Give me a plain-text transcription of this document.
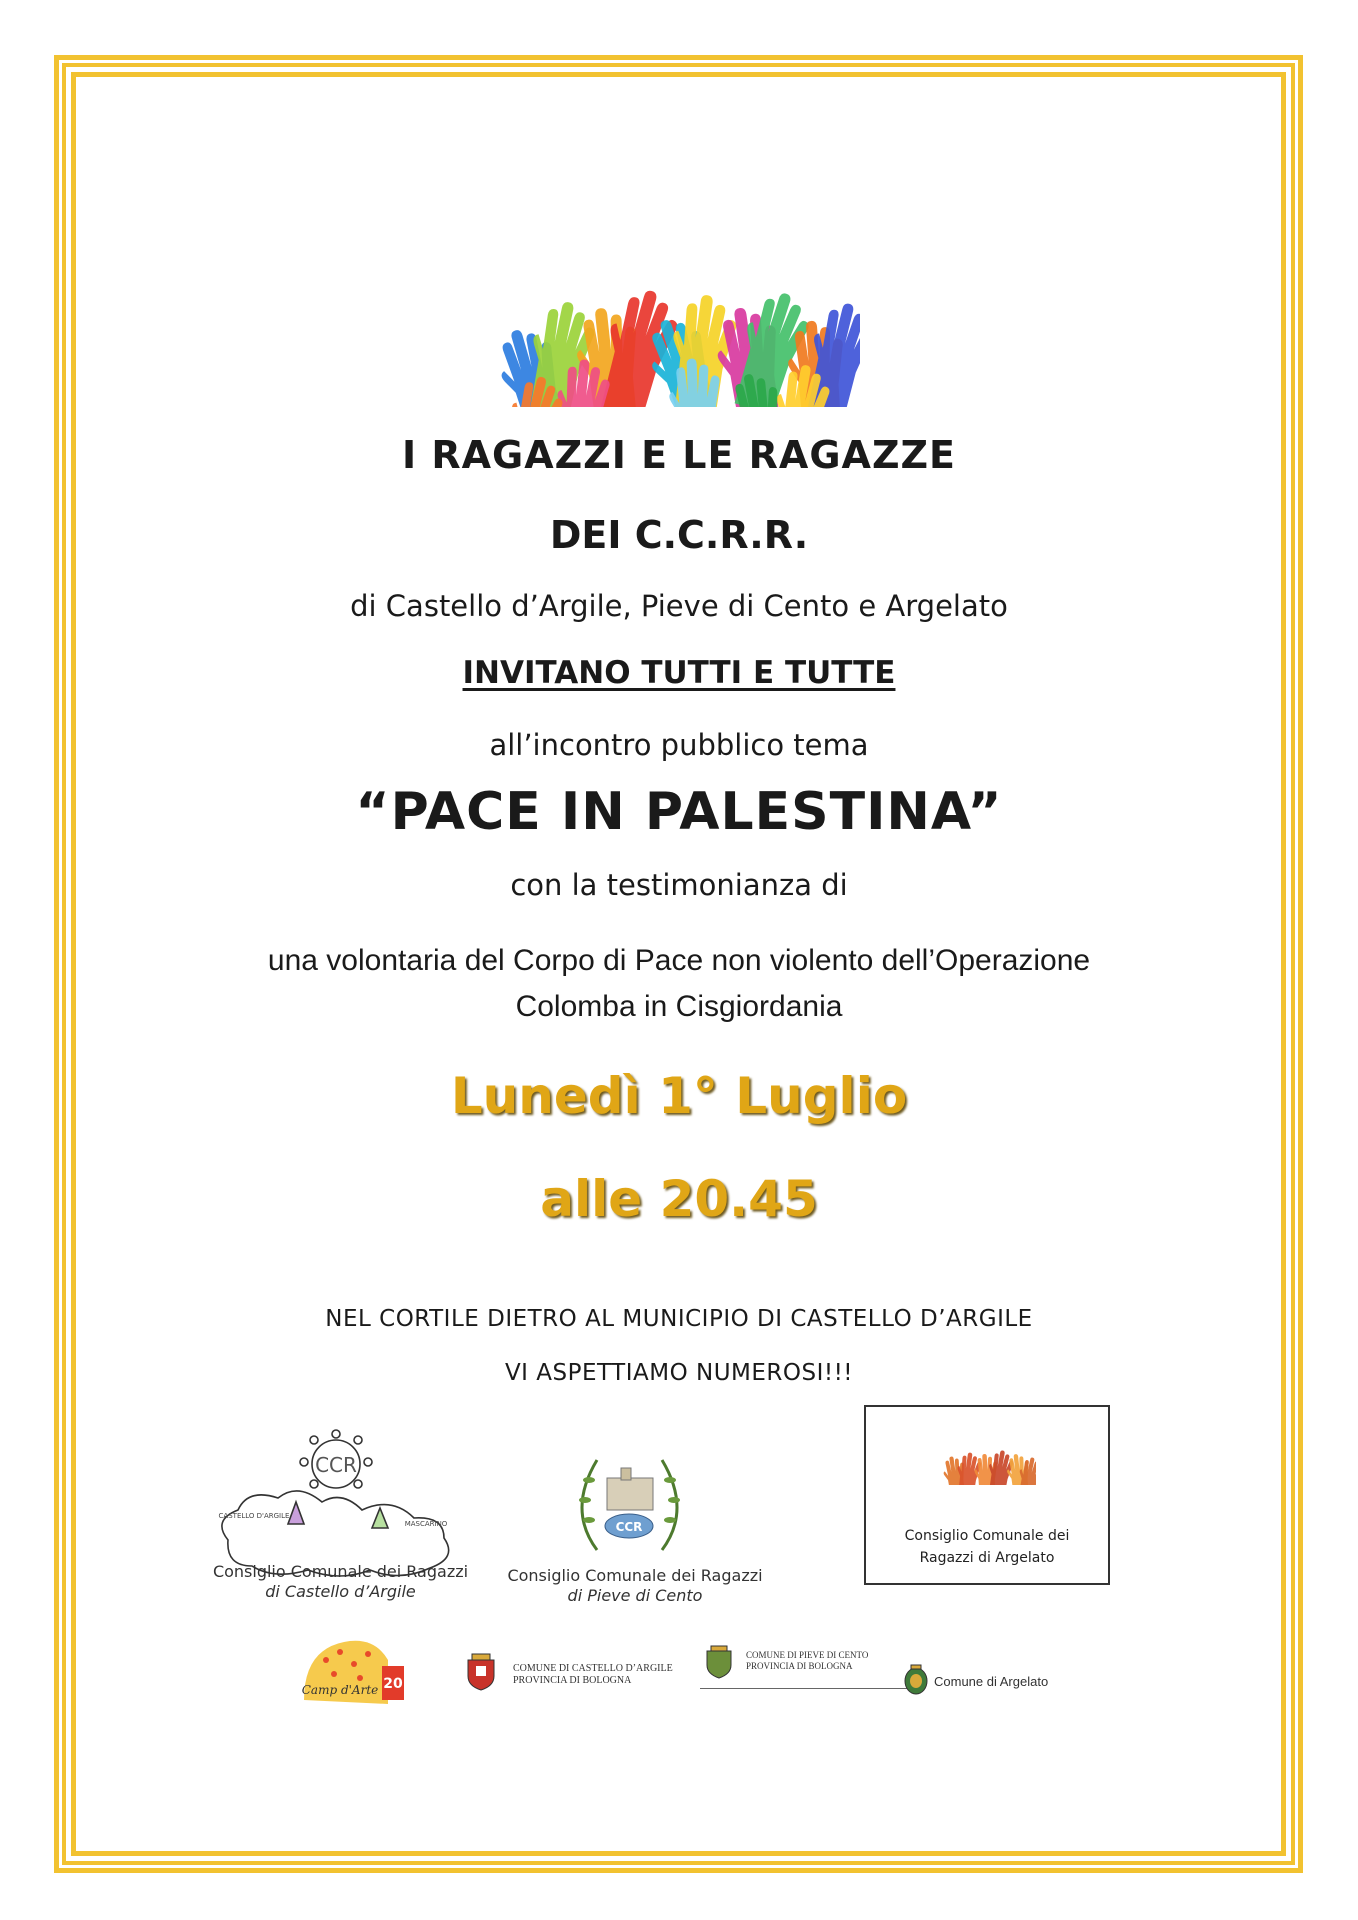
I RAGAZZI E LE RAGAZZE
DEI C.C.R.R.
di Castello d’Argile, Pieve di Cento e Argelato
INVITANO TUTTI E TUTTE
all’incontro pubblico tema
“PACE IN PALESTINA”
con la testimonianza di
una volontaria del Corpo di Pace non violento dell’Operazione
Colomba in Cisgiordania
Lunedì 1° Luglio
alle 20.45
NEL CORTILE DIETRO AL MUNICIPIO DI CASTELLO D’ARGILE
VI ASPETTIAMO NUMEROSI!!!
CCR
CASTELLO D'ARGILE
MASCARINO
Consiglio Comunale dei Ragazzi
di Castello d’Argile
CCR
Consiglio Comunale dei Ragazzi
di Pieve di Cento
Consiglio Comunale dei
Ragazzi di Argelato
20
Camp d'Arte
COMUNE DI CASTELLO D’ARGILE
PROVINCIA DI BOLOGNA
COMUNE DI PIEVE DI CENTO
PROVINCIA DI BOLOGNA
Comune di Argelato
